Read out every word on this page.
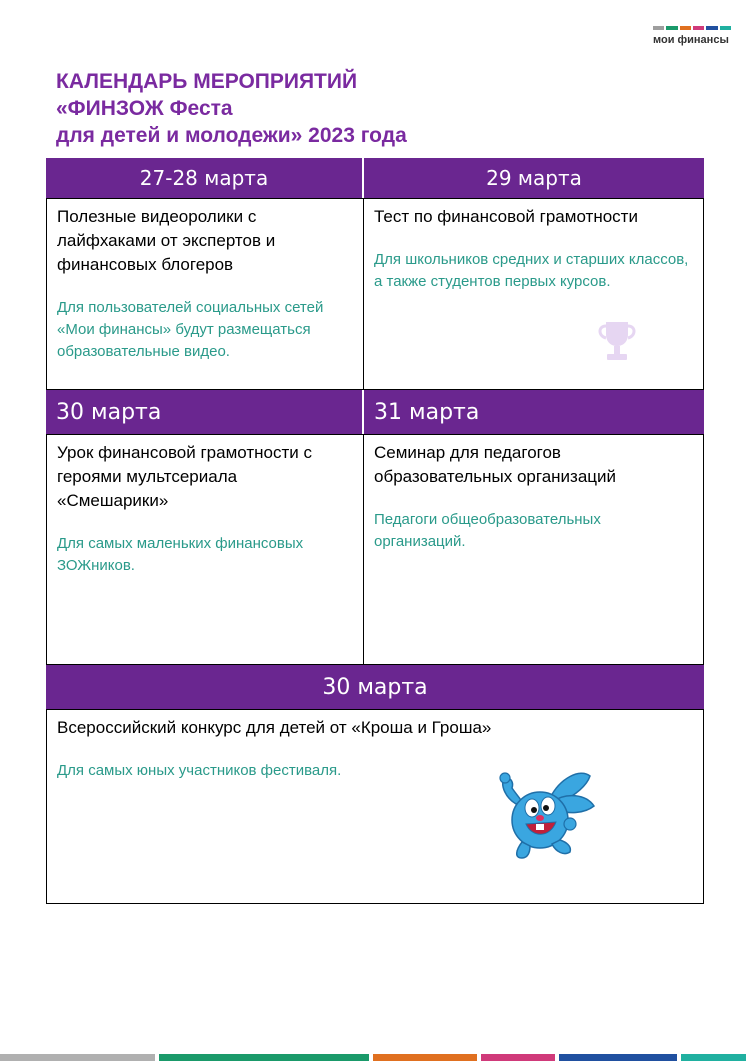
мои финансы
КАЛЕНДАРЬ МЕРОПРИЯТИЙ
«ФИНЗОЖ Феста
для детей и молодежи» 2023 года
27-28 марта	29 марта
Полезные видеоролики с лайфхаками от экспертов и финансовых блогеров
Для пользователей социальных сетей «Мои финансы» будут размещаться образовательные видео.
Тест по финансовой грамотности
Для школьников средних и старших классов, а также студентов первых курсов.
30 марта	31 марта
Урок финансовой грамотности с героями мультсериала «Смешарики»
Для самых маленьких финансовых ЗОЖников.
Семинар для педагогов образовательных организаций
Педагоги общеобразовательных организаций.
30 марта
Всероссийский конкурс для детей от «Кроша и Гроша»
Для самых юных участников фестиваля.
